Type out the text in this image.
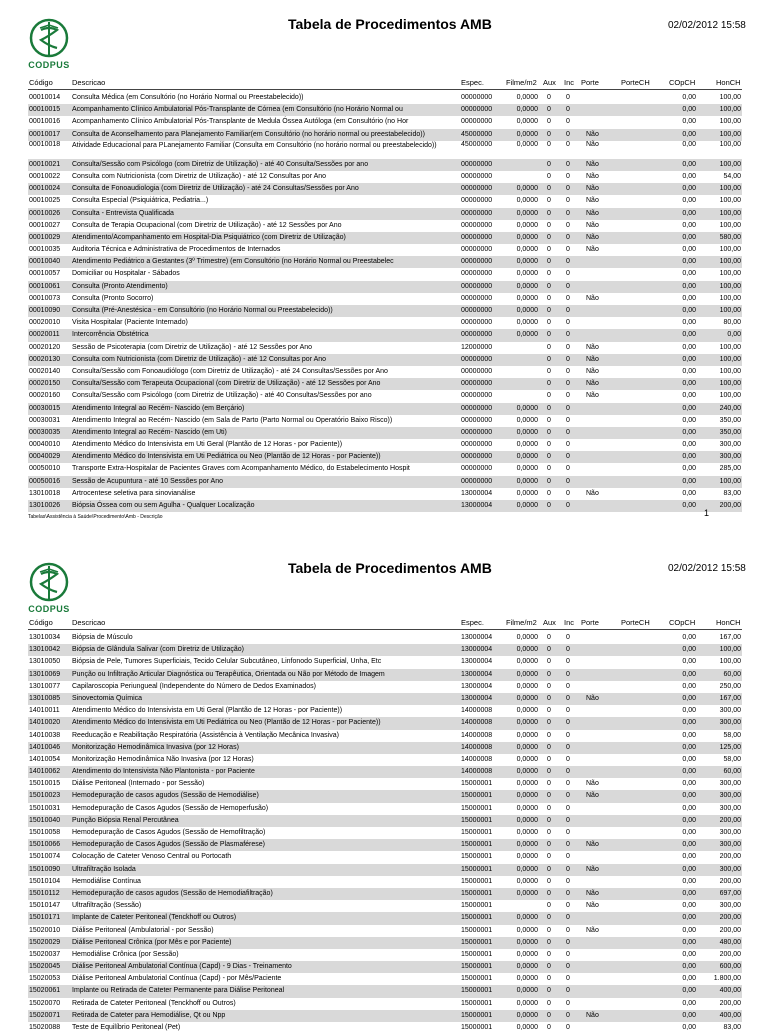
CODPUS
Tabela de Procedimentos AMB	02/02/2012 15:58
Código	Descricao	Espec.	Filme/m2 Aux Inc Porte	PorteCH	COpCH	HonCH
00010014 Consulta Médica (em Consultório (no Horário Normal ou Preestabelecido))	00000000	0,0000 0 0	0,00	100,00
00010015 Acompanhamento Clínico Ambulatorial Pós-Transplante de Córnea (em Consultório (no Horário Normal ou	00000000	0,0000 0 0	0,00	100,00
00010016 Acompanhamento Clínico Ambulatorial Pós-Transplante de Medula Óssea Autóloga (em Consultório (no Hor	00000000	0,0000 0 0	0,00	100,00
00010017 Consulta de Aconselhamento para Planejamento Familiar(em Consultório (no horário normal ou preestabelecido))	45000000	0,0000 0 0 Não	0,00	100,00
00010018 Atividade Educacional para PLanejamento Familiar (Consulta em Consultório (no horário normal ou preestabelecido))	45000000	0,0000 0 0 Não	0,00	100,00
00010021 Consulta/Sessão com Psicólogo (com Diretriz de Utilização) - até 40 Consulta/Sessões por ano	00000000	0 0 Não	0,00	100,00
00010022 Consulta com Nutricionista (com Diretriz de Utilização) - até 12 Consultas por Ano	00000000	0 0 Não	0,00	54,00
00010024 Consulta de Fonoaudiologia (com Diretriz de Utilização) - até 24 Consultas/Sessões por Ano	00000000	0,0000 0 0 Não	0,00	100,00
00010025 Consulta Especial (Psiquiátrica, Pediatria...)	00000000	0,0000 0 0 Não	0,00	100,00
00010026 Consulta - Entrevista Qualificada	00000000	0,0000 0 0 Não	0,00	100,00
00010027 Consulta de Terapia Ocupacional (com Diretriz de Utilização) - até 12 Sessões por Ano	00000000	0,0000 0 0 Não	0,00	100,00
00010029 Atendimento/Acompanhamento em Hospital-Dia Psiquiátrico (com Diretriz de Utilização)	00000000	0,0000 0 0 Não	0,00	580,00
00010035 Auditoria Técnica e Administrativa de Procedimentos de Internados	00000000	0,0000 0 0 Não	0,00	100,00
00010040 Atendimento Pediátrico a Gestantes (3º Trimestre) (em Consultório (no Horário Normal ou Preestabelec	00000000	0,0000 0 0	0,00	100,00
00010057 Domiciliar ou Hospitalar - Sábados	00000000	0,0000 0 0	0,00	100,00
00010061 Consulta (Pronto Atendimento)	00000000	0,0000 0 0	0,00	100,00
00010073 Consulta (Pronto Socorro)	00000000	0,0000 0 0 Não	0,00	100,00
00010090 Consulta (Pré-Anestésica - em Consultório (no Horário Normal ou Preestabelecido))	00000000	0,0000 0 0	0,00	100,00
00020010 Visita Hospitalar (Paciente Internado)	00000000	0,0000 0 0	0,00	80,00
00020011 Intercorrência Obstétrica	00000000	0,0000 0 0	0,00	0,00
00020120 Sessão de Psicoterapia (com Diretriz de Utilização) - até 12 Sessões por Ano	12000000	0 0 Não	0,00	100,00
00020130 Consulta com Nutricionista (com Diretriz de Utilização) - até 12 Consultas por Ano	00000000	0 0 Não	0,00	100,00
00020140 Consulta/Sessão com Fonoaudiólogo (com Diretriz de Utilização) - até 24 Consultas/Sessões por Ano	00000000	0 0 Não	0,00	100,00
00020150 Consulta/Sessão com Terapeuta Ocupacional (com Diretriz de Utilização) - até 12 Sessões por Ano	00000000	0 0 Não	0,00	100,00
00020160 Consulta/Sessão com Psicólogo (com Diretriz de Utilização) - até 40 Consultas/Sessões por ano	00000000	0 0 Não	0,00	100,00
00030015 Atendimento Integral ao Recém- Nascido (em Berçário)	00000000	0,0000 0 0	0,00	240,00
00030031 Atendimento Integral ao Recém- Nascido (em Sala de Parto (Parto Normal ou Operatório Baixo Risco))	00000000	0,0000 0 0	0,00	350,00
00030035 Atendimento Integral ao Recém- Nascido (em Uti)	00000000	0,0000 0 0	0,00	350,00
00040010 Atendimento Médico do Intensivista em Uti Geral (Plantão de 12 Horas - por Paciente))	00000000	0,0000 0 0	0,00	300,00
00040029 Atendimento Médico do Intensivista em Uti Pediátrica ou Neo (Plantão de 12 Horas - por Paciente))	00000000	0,0000 0 0	0,00	300,00
00050010 Transporte Extra-Hospitalar de Pacientes Graves com Acompanhamento Médico, do Estabelecimento Hospit	00000000	0,0000 0 0	0,00	285,00
00050016 Sessão de Acupuntura - até 10 Sessões por Ano	00000000	0,0000 0 0	0,00	100,00
13010018 Artrocentese seletiva para sinovianálise	13000004	0,0000 0 0 Não	0,00	83,00
13010026 Biópsia Óssea com ou sem Agulha - Qualquer Localização	13000004	0,0000 0 0	0,00	200,00
Tabelas\Assistência à Saúde\Procedimento\Amb - Descrição	1
CODPUS
Tabela de Procedimentos AMB	02/02/2012 15:58
Código	Descricao	Espec.	Filme/m2 Aux Inc Porte	PorteCH	COpCH	HonCH
13010034 Biópsia de Músculo	13000004	0,0000 0 0	0,00	167,00
13010042 Biópsia de Glândula Salivar (com Diretriz de Utilização)	13000004	0,0000 0 0	0,00	100,00
13010050 Biópsia de Pele, Tumores Superficiais, Tecido Celular Subcutâneo, Linfonodo Superficial, Unha, Etc	13000004	0,0000 0 0	0,00	100,00
13010069 Punção ou Infiltração Articular Diagnóstica ou Terapêutica, Orientada ou Não por Método de Imagem	13000004	0,0000 0 0	0,00	60,00
13010077 Capilaroscopia Periungueal (Independente do Número de Dedos Examinados)	13000004	0,0000 0 0	0,00	250,00
13010085 Sinovectomia Química	13000004	0,0000 0 0 Não	0,00	167,00
14010011 Atendimento Médico do Intensivista em Uti Geral (Plantão de 12 Horas - por Paciente))	14000008	0,0000 0 0	0,00	300,00
14010020 Atendimento Médico do Intensivista em Uti Pediátrica ou Neo (Plantão de 12 Horas - por Paciente))	14000008	0,0000 0 0	0,00	300,00
14010038 Reeducação e Reabilitação Respiratória (Assistência à Ventilação Mecânica Invasiva)	14000008	0,0000 0 0	0,00	58,00
14010046 Monitorização Hemodinâmica Invasiva (por 12 Horas)	14000008	0,0000 0 0	0,00	125,00
14010054 Monitorização Hemodinâmica Não Invasiva (por 12 Horas)	14000008	0,0000 0 0	0,00	58,00
14010062 Atendimento do Intensivista Não Plantonista - por Paciente	14000008	0,0000 0 0	0,00	60,00
15010015 Diálise Peritoneal (Internado - por Sessão)	15000001	0,0000 0 0 Não	0,00	300,00
15010023 Hemodepuração de casos agudos (Sessão de Hemodiálise)	15000001	0,0000 0 0 Não	0,00	300,00
15010031 Hemodepuração de Casos Agudos (Sessão de Hemoperfusão)	15000001	0,0000 0 0	0,00	300,00
15010040 Punção Biópsia Renal Percutânea	15000001	0,0000 0 0	0,00	200,00
15010058 Hemodepuração de Casos Agudos (Sessão de Hemofiltração)	15000001	0,0000 0 0	0,00	300,00
15010066 Hemodepuração de Casos Agudos (Sessão de Plasmaférese)	15000001	0,0000 0 0 Não	0,00	300,00
15010074 Colocação de Cateter Venoso Central ou Portocath	15000001	0,0000 0 0	0,00	200,00
15010090 Ultrafiltração Isolada	15000001	0,0000 0 0 Não	0,00	300,00
15010104 Hemodiálise Contínua	15000001	0,0000 0 0	0,00	200,00
15010112 Hemodepuração de casos agudos (Sessão de Hemodiafiltração)	15000001	0,0000 0 0 Não	0,00	697,00
15010147 Ultrafiltração (Sessão)	15000001	0 0 Não	0,00	300,00
15010171 Implante de Cateter Peritoneal (Tenckhoff ou Outros)	15000001	0,0000 0 0	0,00	200,00
15020010 Diálise Peritoneal (Ambulatorial - por Sessão)	15000001	0,0000 0 0 Não	0,00	200,00
15020029 Diálise Peritoneal Crônica (por Mês e por Paciente)	15000001	0,0000 0 0	0,00	480,00
15020037 Hemodiálise Crônica (por Sessão)	15000001	0,0000 0 0	0,00	200,00
15020045 Diálise Peritoneal Ambulatorial Contínua (Capd) - 9 Dias - Treinamento	15000001	0,0000 0 0	0,00	600,00
15020053 Diálise Peritoneal Ambulatorial Contínua (Capd) - por Mês/Paciente	15000001	0,0000 0 0	0,00	1.800,00
15020061 Implante ou Retirada de Cateter Permanente para Diálise Peritoneal	15000001	0,0000 0 0	0,00	400,00
15020070 Retirada de Cateter Peritoneal (Tenckhoff ou Outros)	15000001	0,0000 0 0	0,00	200,00
15020071 Retirada de Cateter para Hemodiálise, Qt ou Npp	15000001	0,0000 0 0 Não	0,00	400,00
15020088 Teste de Equilíbrio Peritoneal (Pet)	15000001	0,0000 0 0	0,00	83,00
